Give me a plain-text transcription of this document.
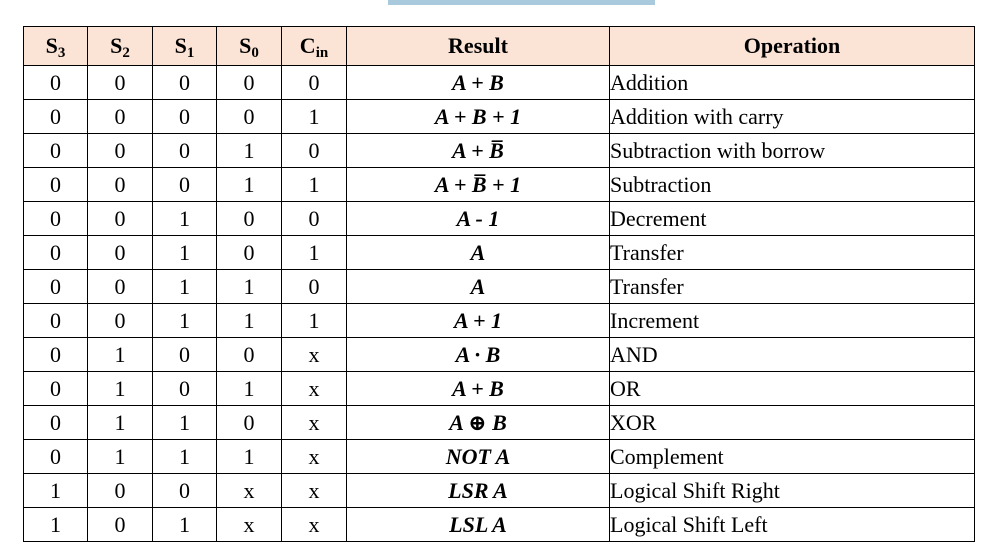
$S_3$	$S_2$	$S_1$	$S_0$	$C_{in}$	Result	Operation
0	0	0	0	0	A + B	Addition
0	0	0	0	1	A + B + 1	Addition with carry
0	0	0	1	0	A + B̅	Subtraction with borrow
0	0	0	1	1	A + B̅ + 1	Subtraction
0	0	1	0	0	A - 1	Decrement
0	0	1	0	1	A	Transfer
0	0	1	1	0	A	Transfer
0	0	1	1	1	A + 1	Increment
0	1	0	0	x	A · B	AND
0	1	0	1	x	A + B	OR
0	1	1	0	x	A ⊕ B	XOR
0	1	1	1	x	NOT A	Complement
1	0	0	x	x	LSR A	Logical Shift Right
1	0	1	x	x	LSL A	Logical Shift Left
